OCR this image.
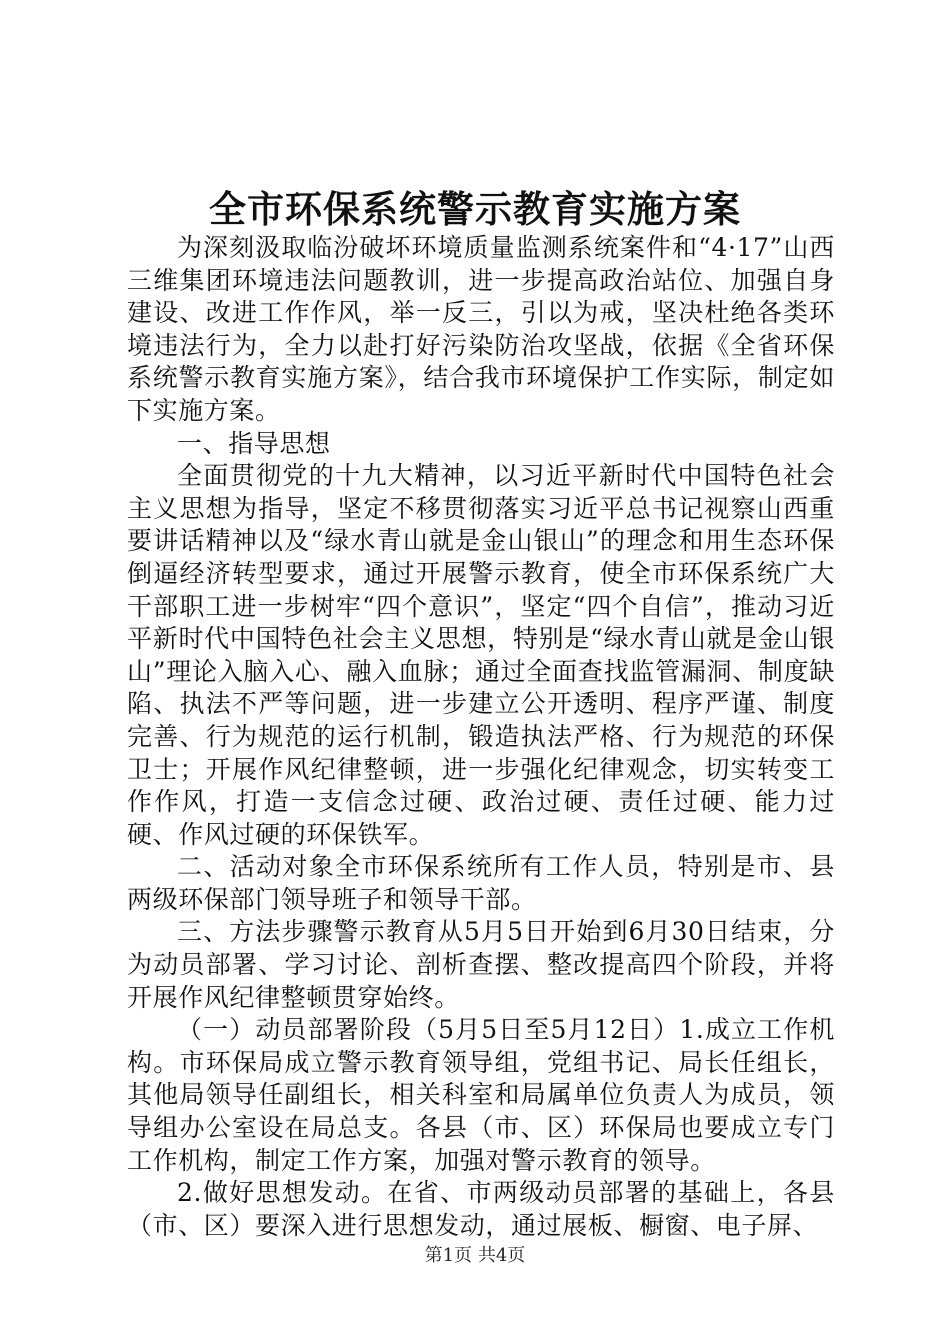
全市环保系统警示教育实施方案

为深刻汲取临汾破坏环境质量监测系统案件和“4·17”山西三维集团环境违法问题教训，进一步提高政治站位、加强自身建设、改进工作作风，举一反三，引以为戒，坚决杜绝各类环境违法行为，全力以赴打好污染防治攻坚战，依据《全省环保系统警示教育实施方案》，结合我市环境保护工作实际，制定如下实施方案。

一、指导思想

全面贯彻党的十九大精神，以习近平新时代中国特色社会主义思想为指导，坚定不移贯彻落实习近平总书记视察山西重要讲话精神以及“绿水青山就是金山银山”的理念和用生态环保倒逼经济转型要求，通过开展警示教育，使全市环保系统广大干部职工进一步树牢“四个意识”，坚定“四个自信”，推动习近平新时代中国特色社会主义思想，特别是“绿水青山就是金山银山”理论入脑入心、融入血脉；通过全面查找监管漏洞、制度缺陷、执法不严等问题，进一步建立公开透明、程序严谨、制度完善、行为规范的运行机制，锻造执法严格、行为规范的环保卫士；开展作风纪律整顿，进一步强化纪律观念，切实转变工作作风，打造一支信念过硬、政治过硬、责任过硬、能力过硬、作风过硬的环保铁军。

二、活动对象全市环保系统所有工作人员，特别是市、县两级环保部门领导班子和领导干部。

三、方法步骤警示教育从5月5日开始到6月30日结束，分为动员部署、学习讨论、剖析查摆、整改提高四个阶段，并将开展作风纪律整顿贯穿始终。

（一）动员部署阶段（5月5日至5月12日）1.成立工作机构。市环保局成立警示教育领导组，党组书记、局长任组长，其他局领导任副组长，相关科室和局属单位负责人为成员，领导组办公室设在局总支。各县（市、区）环保局也要成立专门工作机构，制定工作方案，加强对警示教育的领导。

2.做好思想发动。在省、市两级动员部署的基础上，各县（市、区）要深入进行思想发动，通过展板、橱窗、电子屏、

第1页 共4页
